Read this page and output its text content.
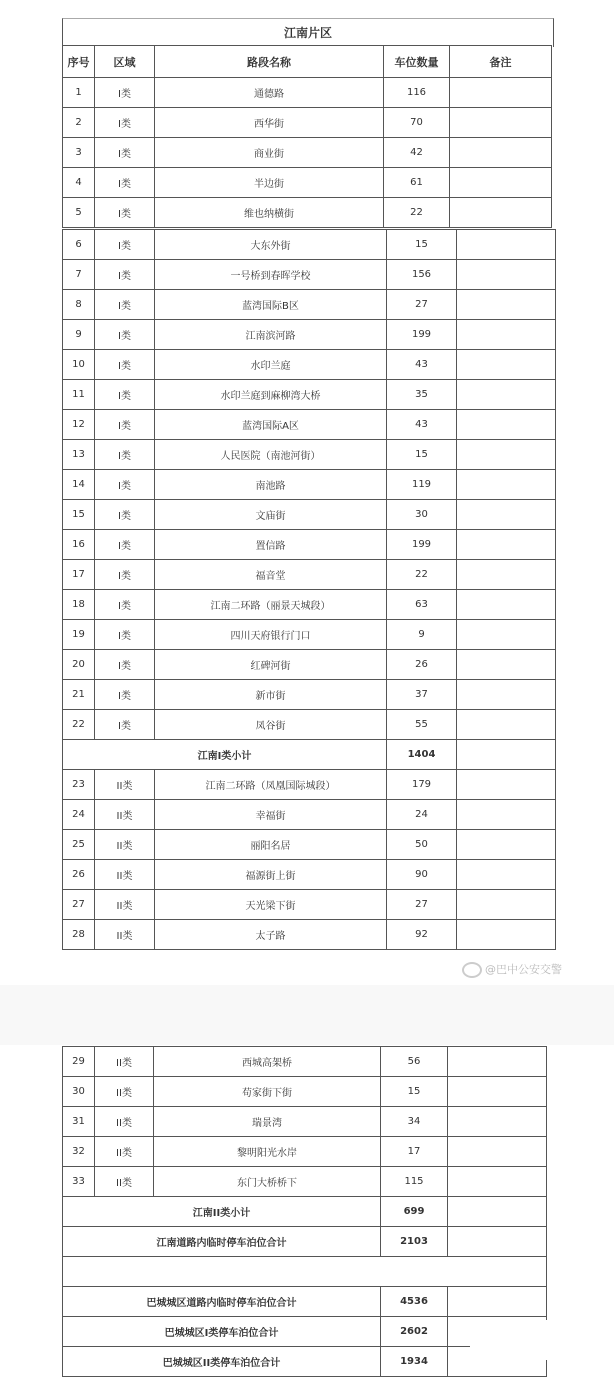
江南片区
序号	区域	路段名称	车位数量	备注
1	I类	通德路	116	
2	I类	西华街	70	
3	I类	商业街	42	
4	I类	半边街	61	
5	I类	维也纳横街	22	
6	I类	大东外街	15	
7	I类	一号桥到春晖学校	156	
8	I类	蓝湾国际B区	27	
9	I类	江南滨河路	199	
10	I类	水印兰庭	43	
11	I类	水印兰庭到麻柳湾大桥	35	
12	I类	蓝湾国际A区	43	
13	I类	人民医院（南池河街）	15	
14	I类	南池路	119	
15	I类	文庙街	30	
16	I类	置信路	199	
17	I类	福音堂	22	
18	I类	江南二环路（丽景天城段）	63	
19	I类	四川天府银行门口	9	
20	I类	红碑河街	26	
21	I类	新市街	37	
22	I类	凤谷街	55	
江南I类小计			1404	
23	II类	江南二环路（凤凰国际城段）	179	
24	II类	幸福街	24	
25	II类	丽阳名居	50	
26	II类	福源街上街	90	
27	II类	天光梁下街	27	
28	II类	太子路	92	
@巴中公安交警
29	II类	西城高架桥	56	
30	II类	苟家街下街	15	
31	II类	瑞景湾	34	
32	II类	黎明阳光水岸	17	
33	II类	东门大桥桥下	115	
江南II类小计			699	
江南道路内临时停车泊位合计			2103	

巴城城区道路内临时停车泊位合计			4536	
巴城城区I类停车泊位合计			2602	
巴城城区II类停车泊位合计			1934	
